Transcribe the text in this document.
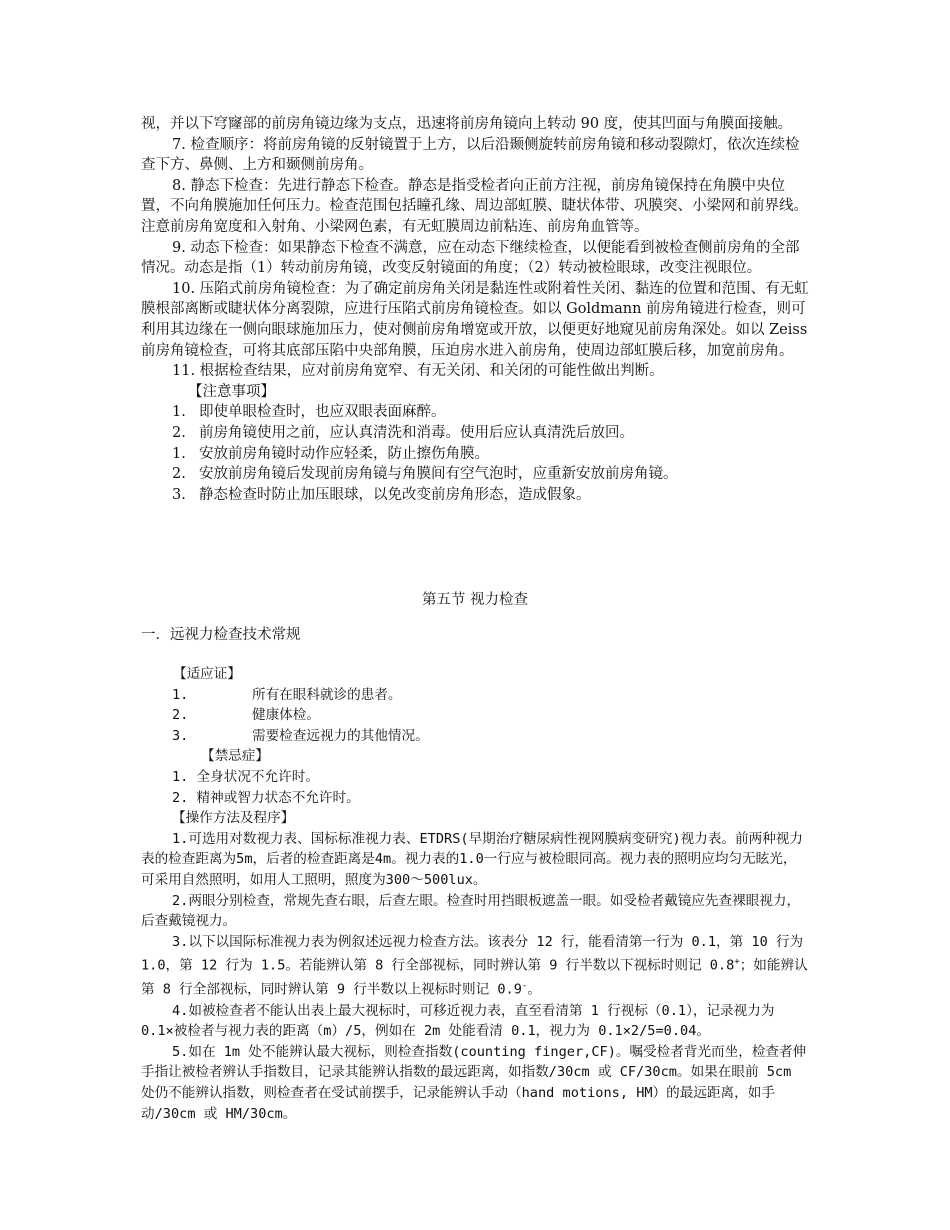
视，并以下穹窿部的前房角镜边缘为支点，迅速将前房角镜向上转动 90 度，使其凹面与角膜面接触。

7. 检查顺序：将前房角镜的反射镜置于上方，以后沿颞侧旋转前房角镜和移动裂隙灯，依次连续检查下方、鼻侧、上方和颞侧前房角。

8. 静态下检查：先进行静态下检查。静态是指受检者向正前方注视，前房角镜保持在角膜中央位置，不向角膜施加任何压力。检查范围包括瞳孔缘、周边部虹膜、睫状体带、巩膜突、小梁网和前界线。注意前房角宽度和入射角、小梁网色素，有无虹膜周边前粘连、前房角血管等。

9. 动态下检查：如果静态下检查不满意，应在动态下继续检查，以便能看到被检查侧前房角的全部情况。动态是指（1）转动前房角镜，改变反射镜面的角度；（2）转动被检眼球，改变注视眼位。

10. 压陷式前房角镜检查：为了确定前房角关闭是黏连性或附着性关闭、黏连的位置和范围、有无虹膜根部离断或睫状体分离裂隙，应进行压陷式前房角镜检查。如以 Goldmann 前房角镜进行检查，则可利用其边缘在一侧向眼球施加压力，使对侧前房角增宽或开放，以便更好地窥见前房角深处。如以 Zeiss 前房角镜检查，可将其底部压陷中央部角膜，压迫房水进入前房角，使周边部虹膜后移，加宽前房角。

11. 根据检查结果，应对前房角宽窄、有无关闭、和关闭的可能性做出判断。

【注意事项】

1. 即使单眼检查时，也应双眼表面麻醉。
2. 前房角镜使用之前，应认真清洗和消毒。使用后应认真清洗后放回。
1. 安放前房角镜时动作应轻柔，防止擦伤角膜。
2. 安放前房角镜后发现前房角镜与角膜间有空气泡时，应重新安放前房角镜。
3. 静态检查时防止加压眼球，以免改变前房角形态，造成假象。
第五节 视力检查
一．远视力检查技术常规

【适应证】

1.	所有在眼科就诊的患者。
2.	健康体检。
3.	需要检查远视力的其他情况。

【禁忌症】

1. 全身状况不允许时。

2. 精神或智力状态不允许时。

【操作方法及程序】

1.可选用对数视力表、国标标准视力表、ETDRS(早期治疗糖尿病性视网膜病变研究)视力表。前两种视力表的检查距离为5m，后者的检查距离是4m。视力表的1.0一行应与被检眼同高。视力表的照明应均匀无眩光，可采用自然照明，如用人工照明，照度为300～500lux。

2.两眼分别检查，常规先查右眼，后查左眼。检查时用挡眼板遮盖一眼。如受检者戴镜应先查裸眼视力，后查戴镜视力。

3.以下以国际标准视力表为例叙述远视力检查方法。该表分 12 行，能看清第一行为 0.1，第 10 行为 1.0，第 12 行为 1.5。若能辨认第 8 行全部视标，同时辨认第 9 行半数以下视标时则记 0.8+；如能辨认第 8 行全部视标，同时辨认第 9 行半数以上视标时则记 0.9-。

4.如被检查者不能认出表上最大视标时，可移近视力表，直至看清第 1 行视标（0.1），记录视力为 0.1×被检者与视力表的距离（m）/5，例如在 2m 处能看清 0.1，视力为 0.1×2/5=0.04。

5.如在 1m 处不能辨认最大视标，则检查指数(counting finger,CF)。嘱受检者背光而坐，检查者伸手指让被检者辨认手指数目，记录其能辨认指数的最远距离，如指数/30cm 或 CF/30cm。如果在眼前 5cm 处仍不能辨认指数，则检查者在受试前摆手，记录能辨认手动（hand motions, HM）的最远距离，如手动/30cm 或 HM/30cm。
